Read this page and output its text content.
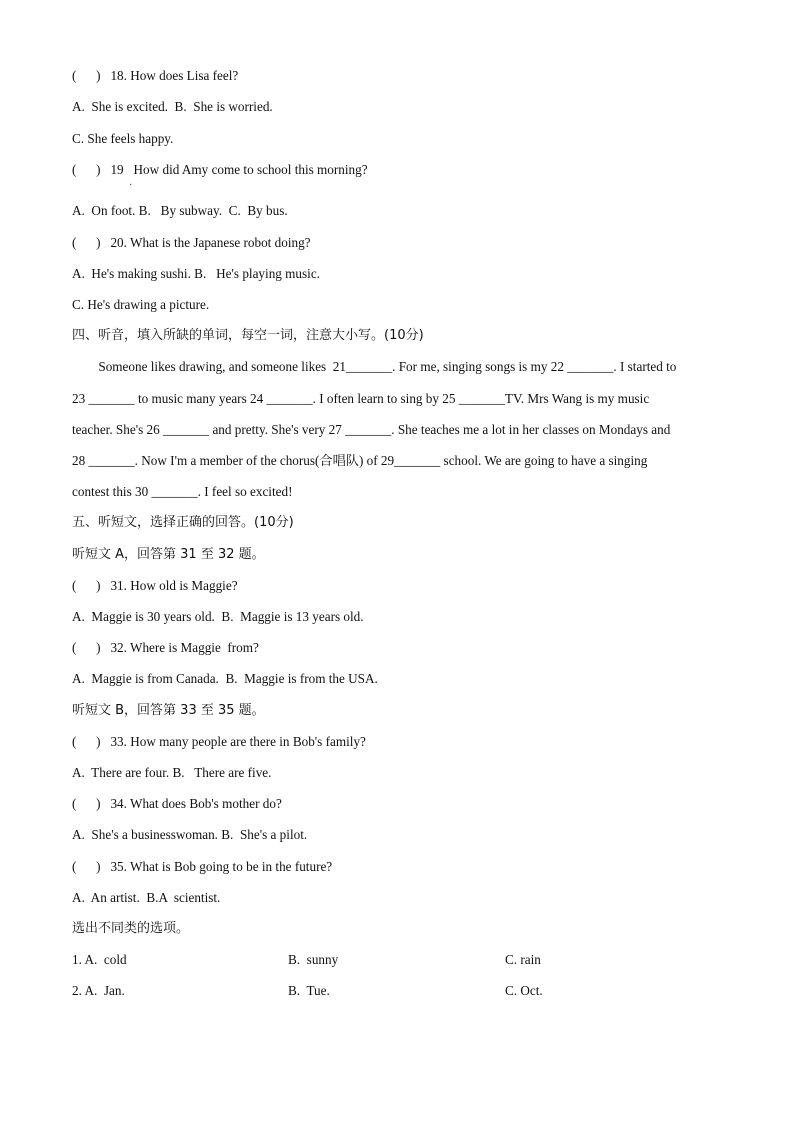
(      )   18. How does Lisa feel?
A.  She is excited.  B.  She is worried.
C. She feels happy.
(      )   19   How did Amy come to school this morning?
·
A.  On foot. B.   By subway.  C.  By bus.
(      )   20. What is the Japanese robot doing?
A.  He's making sushi. B.   He's playing music.
C. He's drawing a picture.
四、听音，填入所缺的单词，每空一词，注意大小写。(10分)
Someone likes drawing, and someone likes  21_______. For me, singing songs is my 22 _______. I started to
23 _______ to music many years 24 _______. I often learn to sing by 25 _______TV. Mrs Wang is my music
teacher. She's 26 _______ and pretty. She's very 27 _______. She teaches me a lot in her classes on Mondays and
28 _______. Now I'm a member of the chorus(合唱队) of 29_______ school. We are going to have a singing
contest this 30 _______. I feel so excited!
五、听短文，选择正确的回答。(10分)
听短文 A，回答第 31 至 32 题。
(      )   31. How old is Maggie?
A.  Maggie is 30 years old.  B.  Maggie is 13 years old.
(      )   32. Where is Maggie  from?
A.  Maggie is from Canada.  B.  Maggie is from the USA.
听短文 B，回答第 33 至 35 题。
(      )   33. How many people are there in Bob's family?
A.  There are four. B.   There are five.
(      )   34. What does Bob's mother do?
A.  She's a businesswoman. B.  She's a pilot.
(      )   35. What is Bob going to be in the future?
A.  An artist.  B.A  scientist.
选出不同类的选项。
1. A.  cold	B.  sunny	C. rain
2. A.  Jan.	B.  Tue.	C. Oct.
